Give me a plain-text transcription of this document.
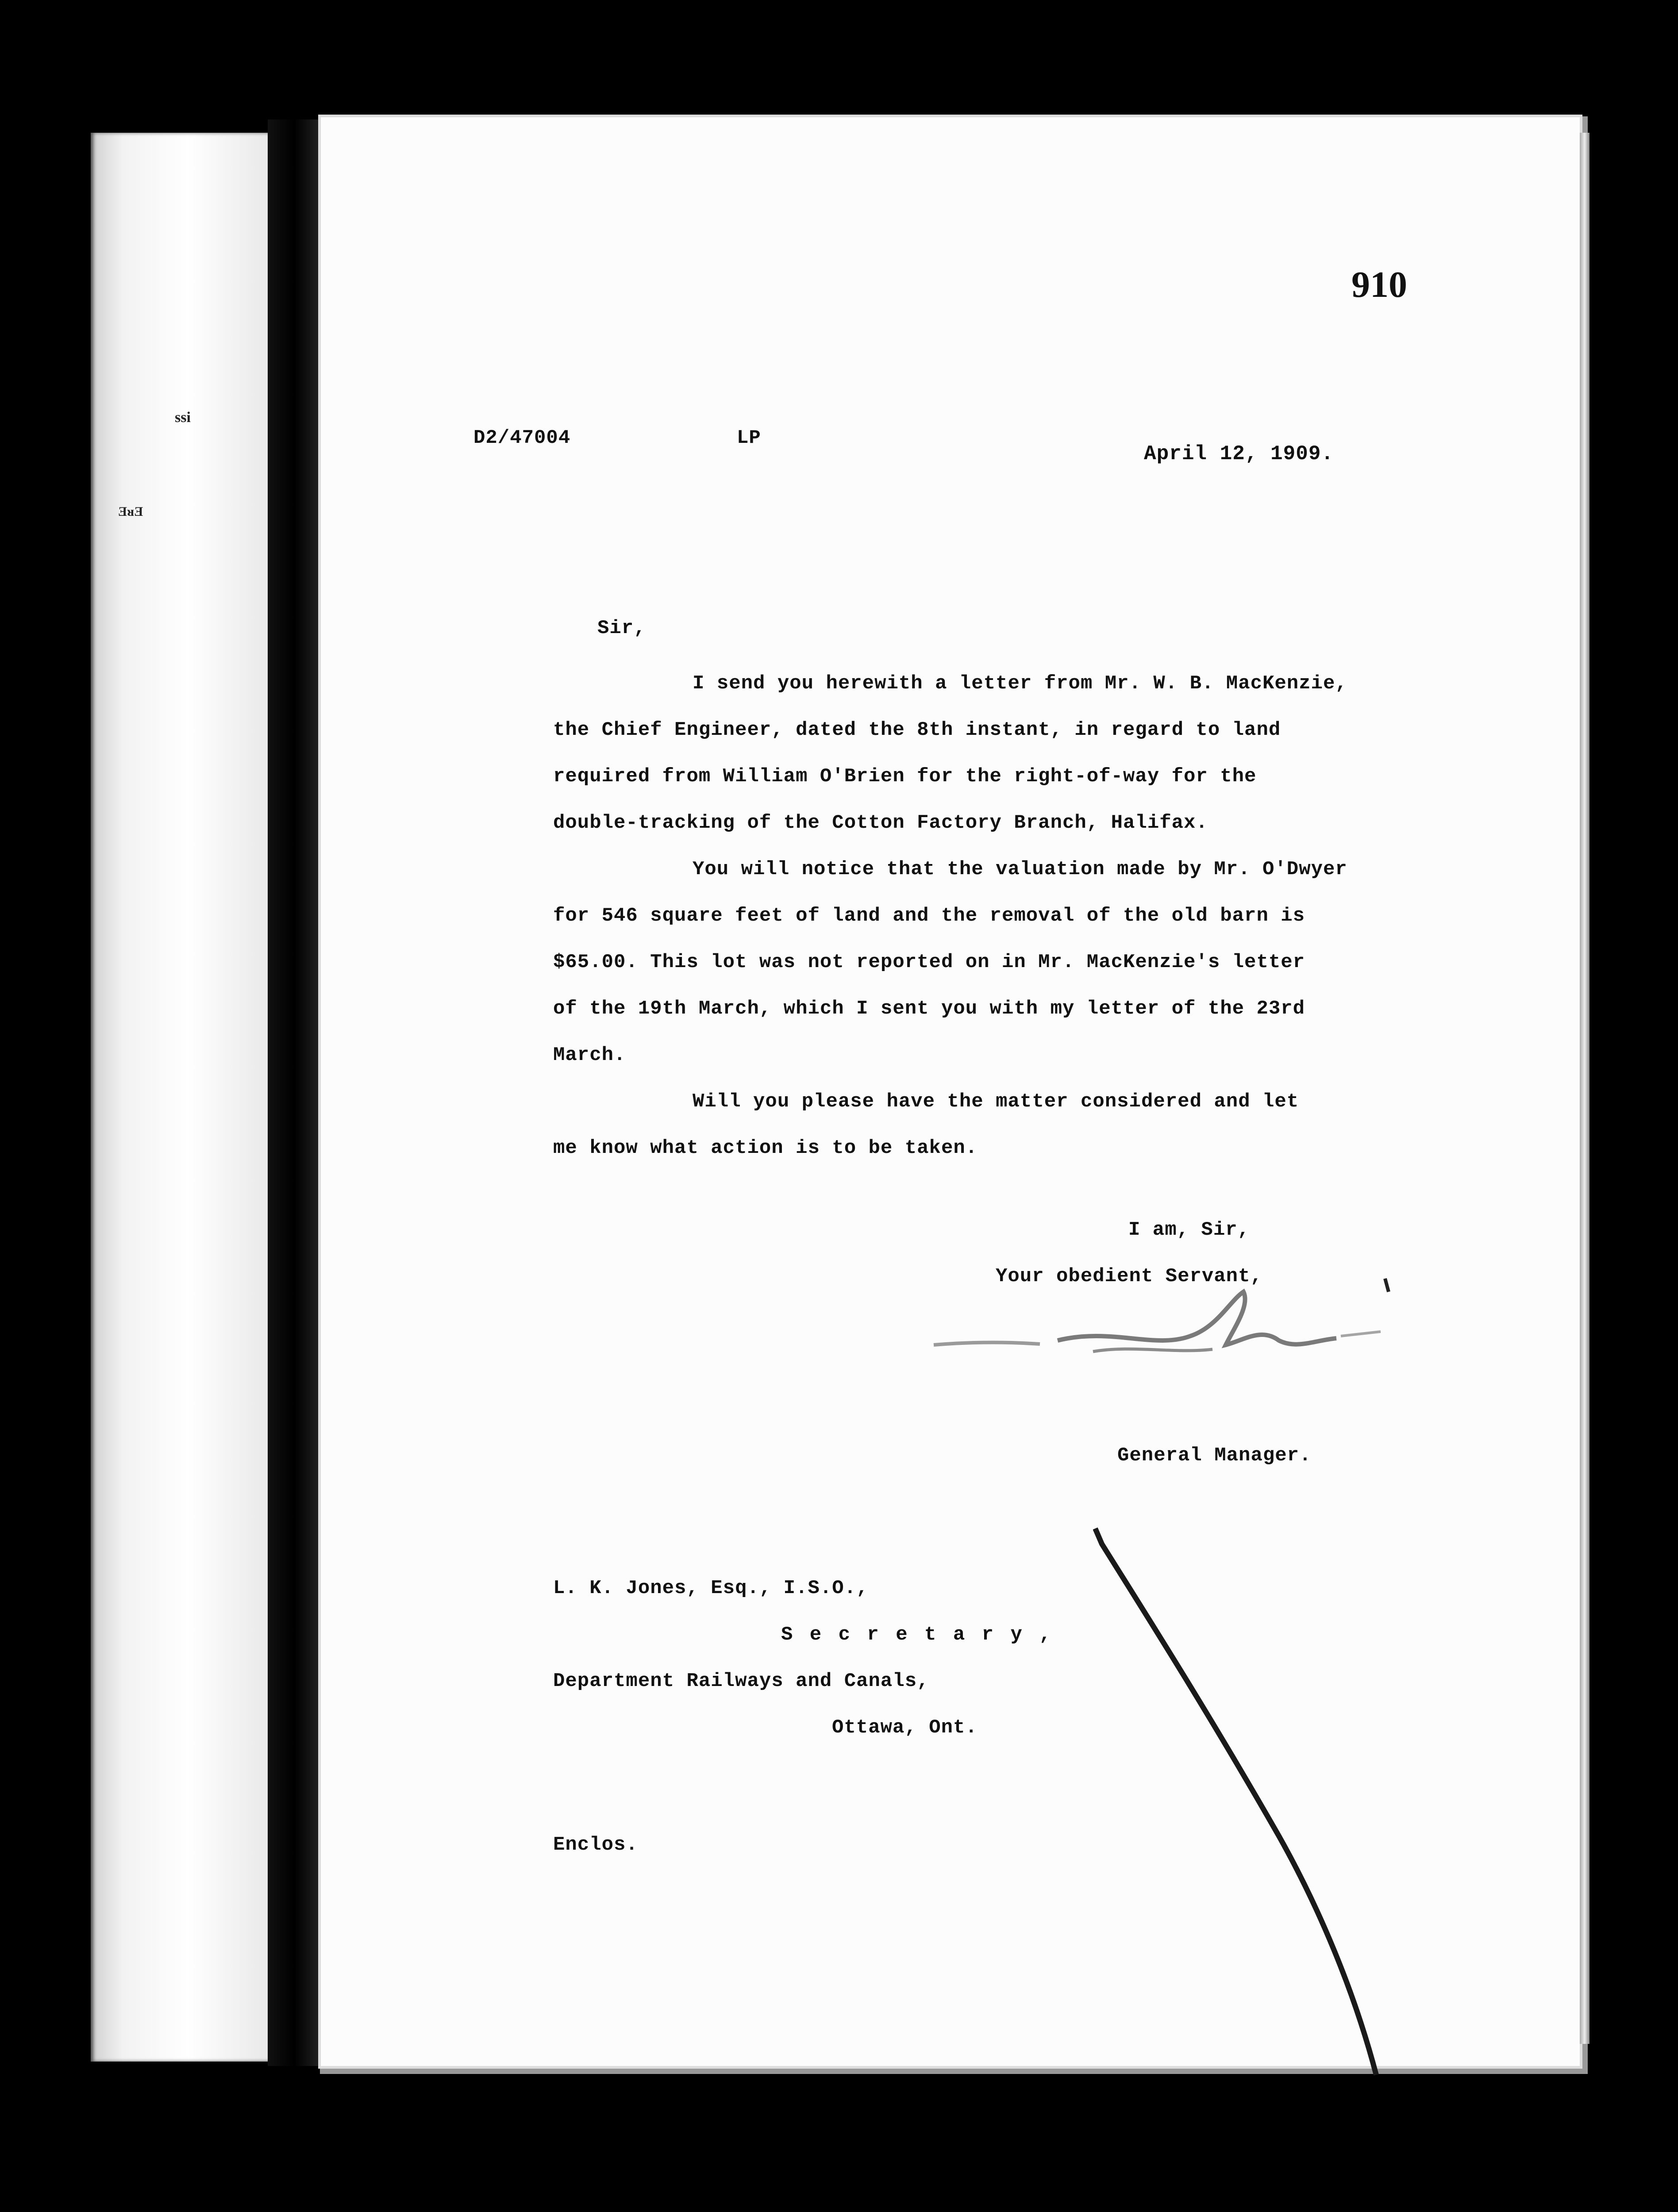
ssi
ƎᴚƎ
910
D2/47004	LP
April 12, 1909.
Sir,
I send you herewith a letter from Mr. W. B. MacKenzie,
the Chief Engineer, dated the 8th instant, in regard to land
required from William O'Brien for the right-of-way for the
double-tracking of the Cotton Factory Branch, Halifax.
You will notice that the valuation made by Mr. O'Dwyer
for 546 square feet of land and the removal of the old barn is
$65.00. This lot was not reported on in Mr. MacKenzie's letter
of the 19th March, which I sent you with my letter of the 23rd
March.
Will you please have the matter considered and let
me know what action is to be taken.
I am, Sir,
Your obedient Servant,
General Manager.
L. K. Jones, Esq., I.S.O.,
S e c r e t a r y ,
Department Railways and Canals,
Ottawa, Ont.
Enclos.
